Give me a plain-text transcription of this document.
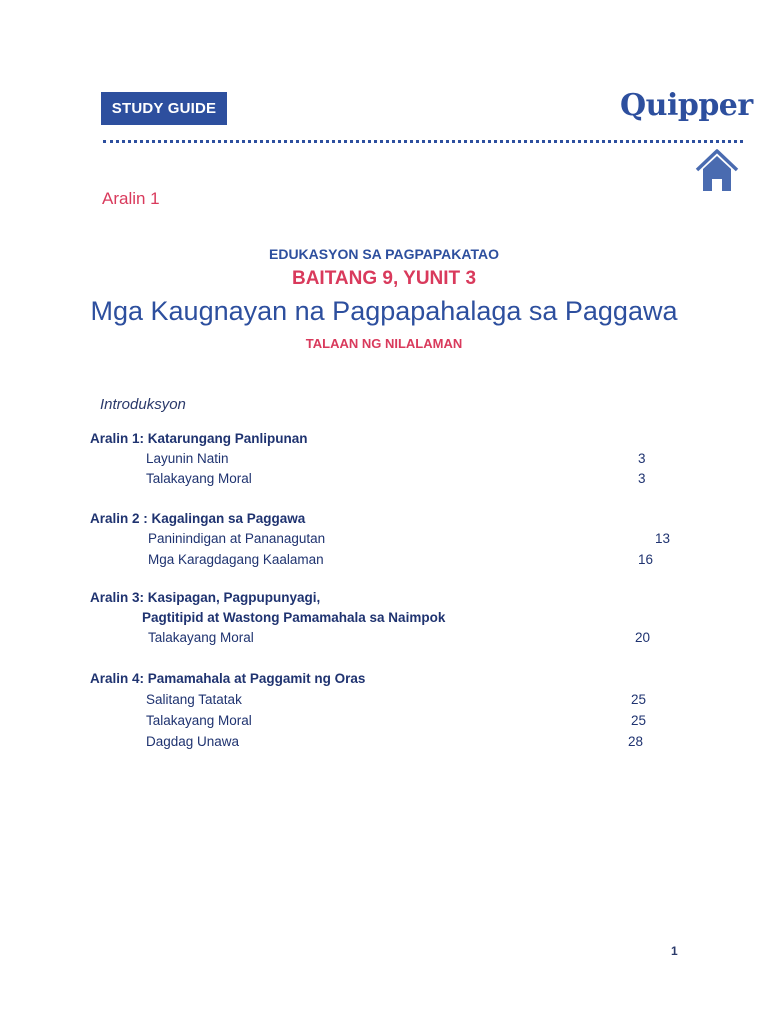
STUDY GUIDE	Quipper
Aralin 1
EDUKASYON SA PAGPAPAKATAO
BAITANG 9, YUNIT 3
Mga Kaugnayan na Pagpapahalaga sa Paggawa
TALAAN NG NILALAMAN
Introduksyon
Aralin 1: Katarungang Panlipunan
Layunin Natin	3
Talakayang Moral	3
Aralin 2 : Kagalingan sa Paggawa
Paninindigan at Pananagutan	13
Mga Karagdagang Kaalaman	16
Aralin 3: Kasipagan, Pagpupunyagi,
Pagtitipid at Wastong Pamamahala sa Naimpok
Talakayang Moral	20
Aralin 4: Pamamahala at Paggamit ng Oras
Salitang Tatatak	25
Talakayang Moral	25
Dagdag Unawa	28
1
